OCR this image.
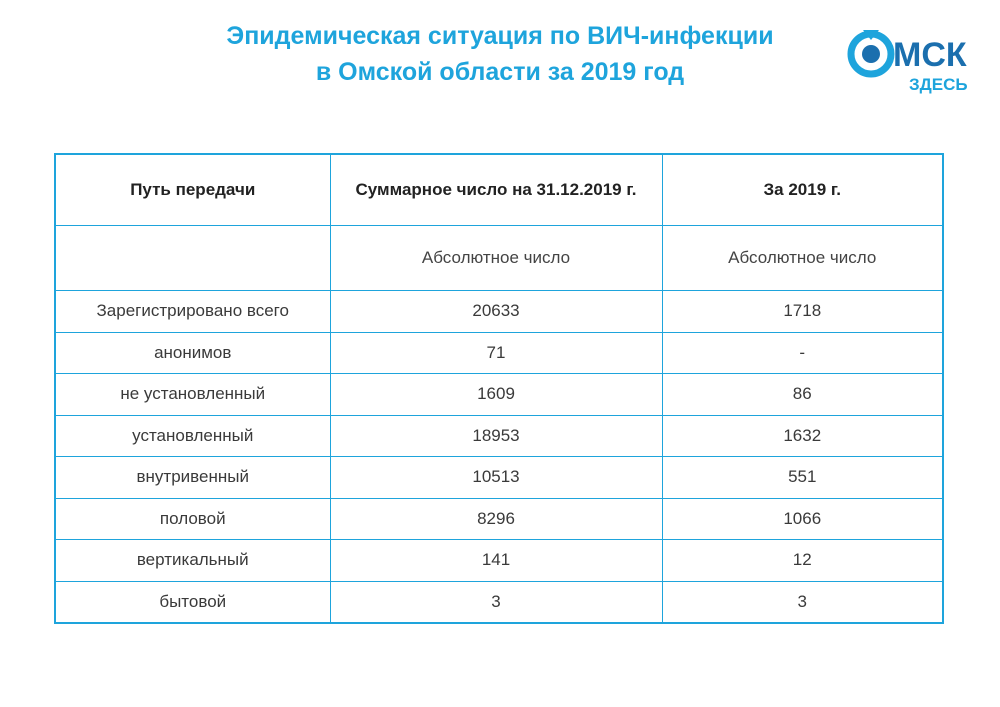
Эпидемическая ситуация по ВИЧ-инфекции
в Омской области за 2019 год	МСК
ЗДЕСЬ
Путь передачи	Суммарное число на 31.12.2019 г.	За 2019 г.
	Абсолютное число	Абсолютное число
Зарегистрировано всего	20633	1718
анонимов	71	-
не установленный	1609	86
установленный	18953	1632
внутривенный	10513	551
половой	8296	1066
вертикальный	141	12
бытовой	3	3
